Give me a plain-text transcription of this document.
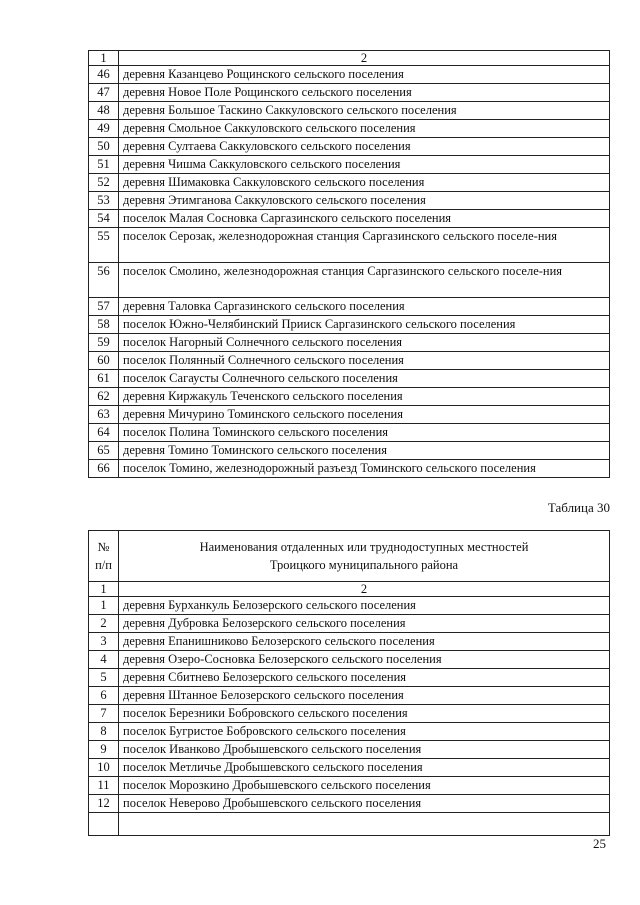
1	2
46	деревня Казанцево Рощинского сельского поселения
47	деревня Новое Поле Рощинского сельского поселения
48	деревня Большое Таскино Саккуловского сельского поселения
49	деревня Смольное Саккуловского сельского поселения
50	деревня Султаева Саккуловского сельского поселения
51	деревня Чишма Саккуловского сельского поселения
52	деревня Шимаковка Саккуловского сельского поселения
53	деревня Этимганова Саккуловского сельского поселения
54	поселок Малая Сосновка Саргазинского сельского поселения
55	поселок Серозак, железнодорожная станция Саргазинского сельского поселе-ния
56	поселок Смолино, железнодорожная станция Саргазинского сельского поселе-ния
57	деревня Таловка Саргазинского сельского поселения
58	поселок Южно-Челябинский Прииск Саргазинского сельского поселения
59	поселок Нагорный Солнечного сельского поселения
60	поселок Полянный Солнечного сельского поселения
61	поселок Сагаусты Солнечного сельского поселения
62	деревня Киржакуль Теченского сельского поселения
63	деревня Мичурино Томинского сельского поселения
64	поселок Полина Томинского сельского поселения
65	деревня Томино Томинского сельского поселения
66	поселок Томино, железнодорожный разъезд Томинского сельского поселения
Таблица 30
№ п/п	Наименования отдаленных или труднодоступных местностей
Троицкого муниципального района

1	2
1	деревня Бурханкуль Белозерского сельского поселения
2	деревня Дубровка Белозерского сельского поселения
3	деревня Епанишниково Белозерского сельского поселения
4	деревня Озеро-Сосновка Белозерского сельского поселения
5	деревня Сбитнево Белозерского сельского поселения
6	деревня Штанное Белозерского сельского поселения
7	поселок Березники Бобровского сельского поселения
8	поселок Бугристое Бобровского сельского поселения
9	поселок Иванково Дробышевского сельского поселения
10	поселок Метличье Дробышевского сельского поселения
11	поселок Морозкино Дробышевского сельского поселения
12	поселок Неверово Дробышевского сельского поселения

25
